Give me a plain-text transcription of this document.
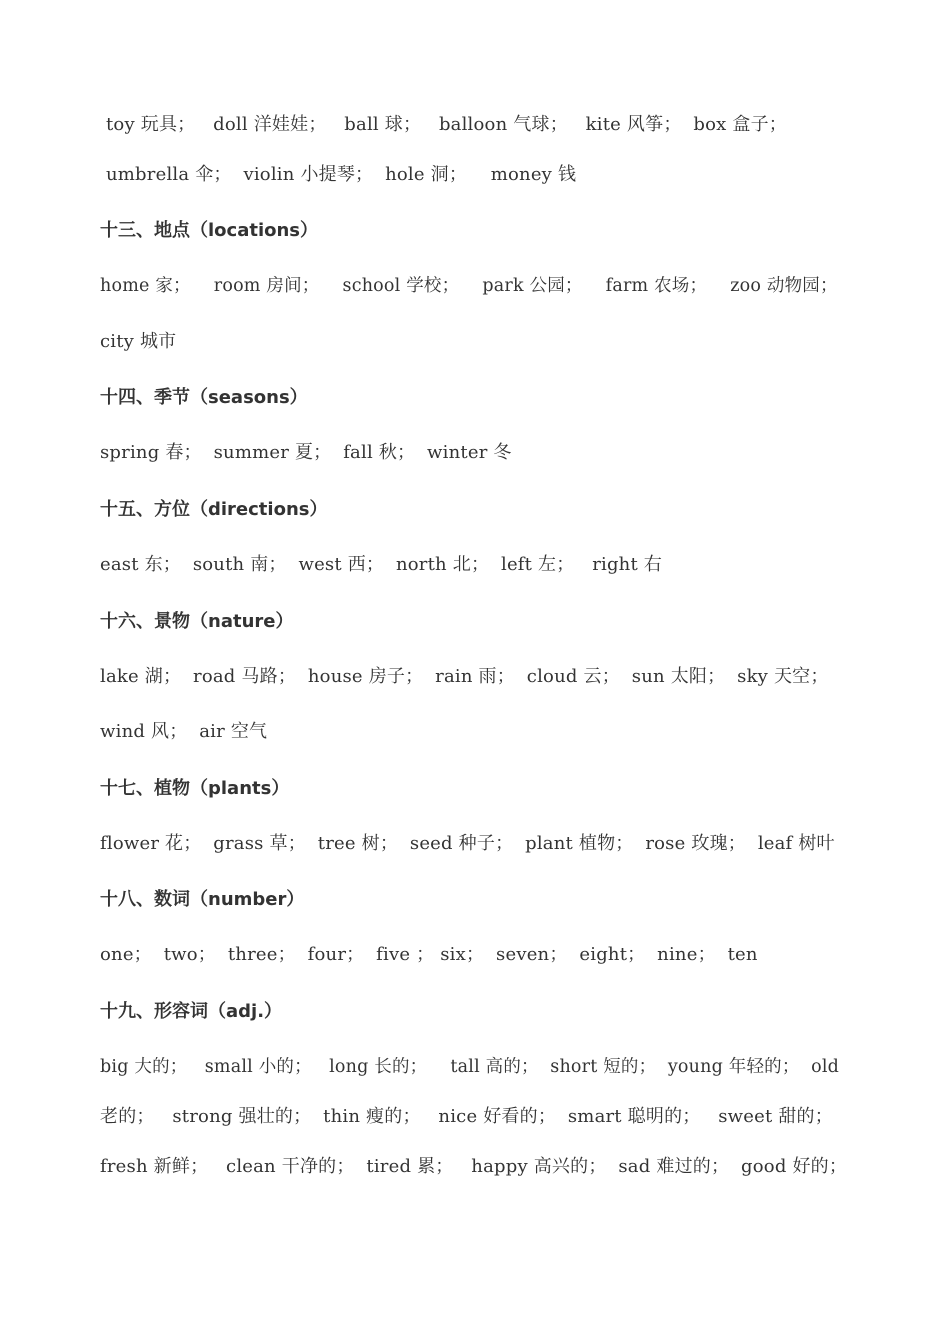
toy 玩具；   doll 洋娃娃；   ball 球；   balloon 气球；   kite 风筝；  box 盒子；
umbrella 伞；  violin 小提琴；  hole 洞；    money 钱
十三、地点（locations）
home 家；    room 房间；    school 学校；    park 公园；    farm 农场；    zoo 动物园；
city 城市
十四、季节（seasons）
spring 春；  summer 夏；  fall 秋；  winter 冬
十五、方位（directions）
east 东；  south 南；  west 西；  north 北；  left 左；   right 右
十六、景物（nature）
lake 湖；  road 马路；  house 房子；  rain 雨；  cloud 云；  sun 太阳；  sky 天空；
wind 风；  air 空气
十七、植物（plants）
flower 花；  grass 草；  tree 树；  seed 种子；  plant 植物；  rose 玫瑰；  leaf 树叶
十八、数词（number）
one；  two；  three；  four；  five ； six；  seven；  eight；  nine；  ten
十九、形容词（adj.）
big 大的；   small 小的；   long 长的；    tall 高的；  short 短的；  young 年轻的；  old
老的；   strong 强壮的；  thin 瘦的；   nice 好看的；  smart 聪明的；   sweet 甜的；
fresh 新鲜；   clean 干净的；  tired 累；   happy 高兴的；  sad 难过的；  good 好的；
